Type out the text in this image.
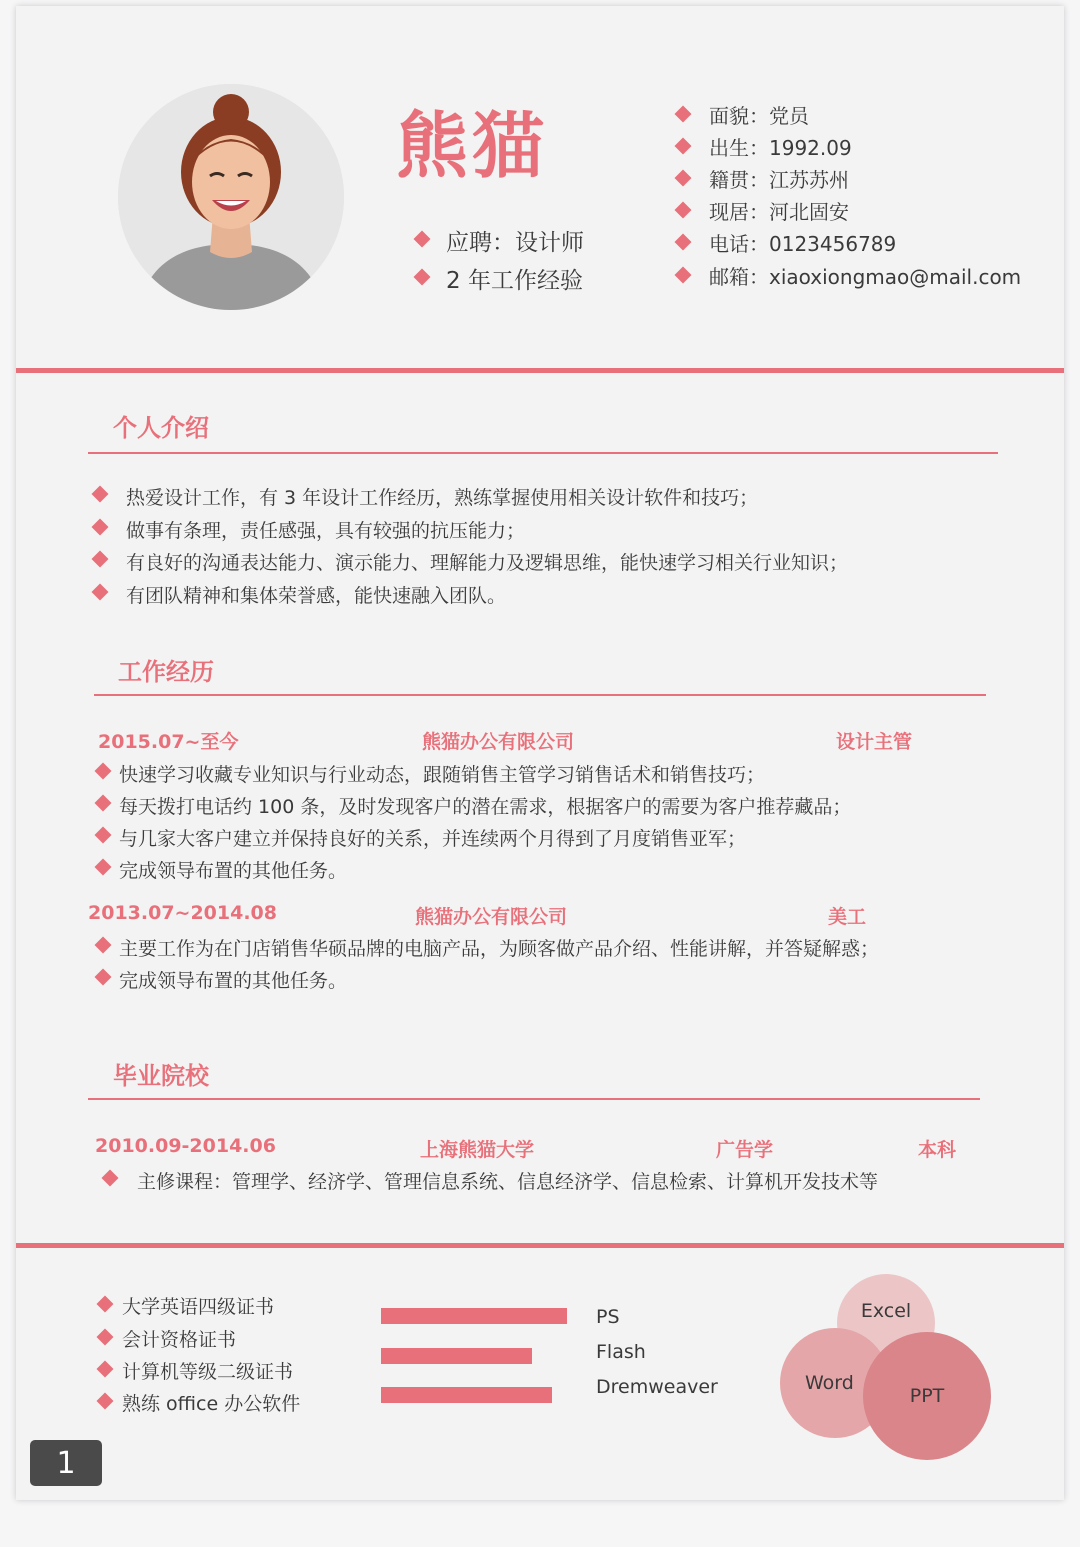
熊猫
应聘：设计师
2 年工作经验
面貌：党员
出生：1992.09
籍贯：江苏苏州
现居：河北固安
电话：0123456789
邮箱：xiaoxiongmao@mail.com
个人介绍
热爱设计工作，有 3 年设计工作经历，熟练掌握使用相关设计软件和技巧；
做事有条理，责任感强，具有较强的抗压能力；
有良好的沟通表达能力、演示能力、理解能力及逻辑思维，能快速学习相关行业知识；
有团队精神和集体荣誉感，能快速融入团队。
工作经历
2015.07~至今	熊猫办公有限公司	设计主管
快速学习收藏专业知识与行业动态，跟随销售主管学习销售话术和销售技巧；
每天拨打电话约 100 条，及时发现客户的潜在需求，根据客户的需要为客户推荐藏品；
与几家大客户建立并保持良好的关系，并连续两个月得到了月度销售亚军；
完成领导布置的其他任务。
2013.07~2014.08	熊猫办公有限公司	美工
主要工作为在门店销售华硕品牌的电脑产品，为顾客做产品介绍、性能讲解，并答疑解惑；
完成领导布置的其他任务。
毕业院校
2010.09-2014.06	上海熊猫大学	广告学	本科
主修课程：管理学、经济学、管理信息系统、信息经济学、信息检索、计算机开发技术等
大学英语四级证书
会计资格证书
计算机等级二级证书
熟练 office 办公软件
PS
Flash
Dremweaver
Excel
Word
PPT
1
